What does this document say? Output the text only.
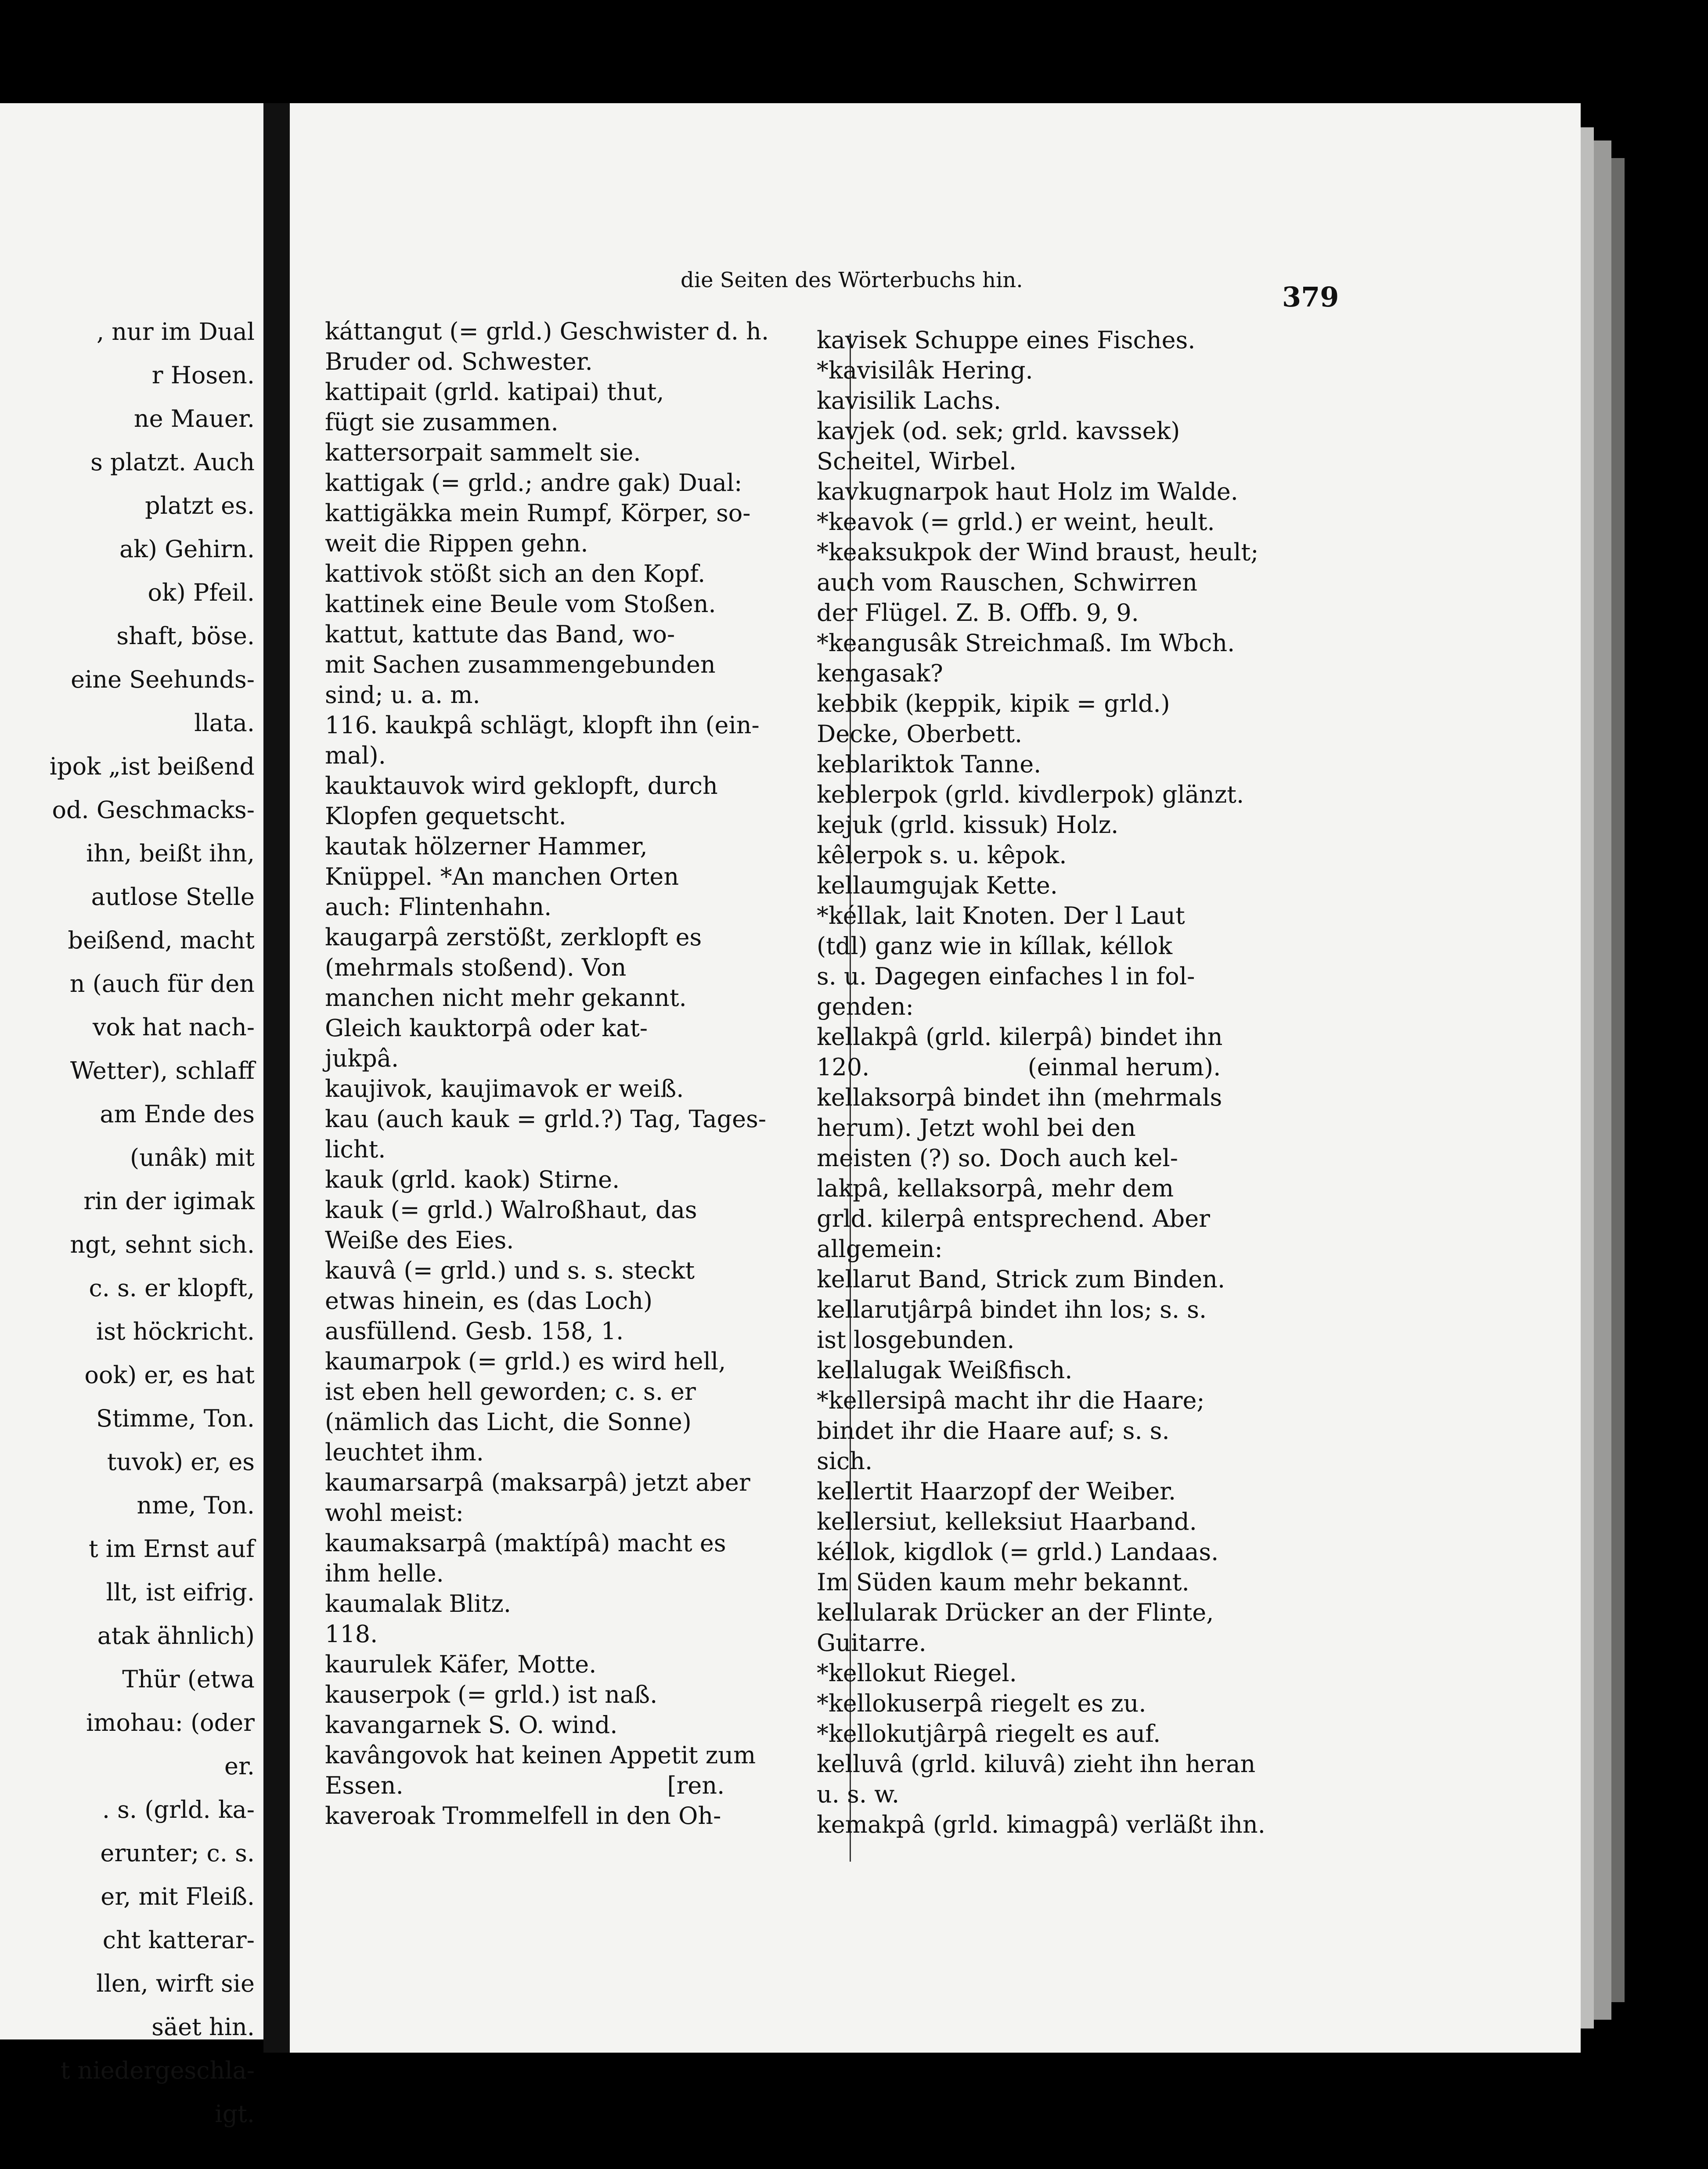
, nur im Dual

r Hosen.

ne Mauer.

s platzt. Auch

platzt es.

ak) Gehirn.

ok) Pfeil.

shaft, böse.

eine Seehunds-

llata.

ipok „ist beißend

od. Geschmacks-

ihn, beißt ihn,

autlose Stelle

beißend, macht

n (auch für den

vok hat nach-

Wetter), schlaff

am Ende des

(unâk) mit

rin der igimak

ngt, sehnt sich.

c. s. er klopft,

ist höckricht.

ook) er, es hat

Stimme, Ton.

tuvok) er, es

nme, Ton.

t im Ernst auf

llt, ist eifrig.

atak ähnlich)

Thür (etwa

imohau: (oder

er.

. s. (grld. ka-

erunter; c. s.

er, mit Fleiß.

cht katterar-

llen, wirft sie

säet hin.

t niedergeschla-

igt.

die Seiten des Wörterbuchs hin.
379

káttangut (= grld.) Geschwister d. h.

Bruder od. Schwester.

kattipait (grld. katipai) thut,

fügt sie zusammen.

kattersorpait sammelt sie.

kattigak (= grld.; andre gak) Dual:

kattigäkka mein Rumpf, Körper, so-

weit die Rippen gehn.

kattivok stößt sich an den Kopf.

kattinek eine Beule vom Stoßen.

kattut, kattute das Band, wo-

mit Sachen zusammengebunden

sind; u. a. m.

116. kaukpâ schlägt, klopft ihn (ein-

mal).

kauktauvok wird geklopft, durch

Klopfen gequetscht.

kautak hölzerner Hammer,

Knüppel. *An manchen Orten

auch: Flintenhahn.

kaugarpâ zerstößt, zerklopft es

(mehrmals stoßend). Von

manchen nicht mehr gekannt.

Gleich kauktorpâ oder kat-

jukpâ.

kaujivok, kaujimavok er weiß.

kau (auch kauk = grld.?) Tag, Tages-

licht.

kauk (grld. kaok) Stirne.

kauk (= grld.) Walroßhaut, das

Weiße des Eies.

kauvâ (= grld.) und s. s. steckt

etwas hinein, es (das Loch)

ausfüllend. Gesb. 158, 1.

kaumarpok (= grld.) es wird hell,

ist eben hell geworden; c. s. er

(nämlich das Licht, die Sonne)

leuchtet ihm.

kaumarsarpâ (maksarpâ) jetzt aber

wohl meist:

kaumaksarpâ (maktípâ) macht es

ihm helle.

kaumalak Blitz.

118.

kaurulek Käfer, Motte.

kauserpok (= grld.) ist naß.

kavangarnek S. O. wind.

kavângovok hat keinen Appetit zum

Essen.                                   [ren.

kaveroak Trommelfell in den Oh-

kavisek Schuppe eines Fisches.

*kavisilâk Hering.

kavisilik Lachs.

kavjek (od. sek; grld. kavssek)

Scheitel, Wirbel.

kavkugnarpok haut Holz im Walde.

*keavok (= grld.) er weint, heult.

*keaksukpok der Wind braust, heult;

auch vom Rauschen, Schwirren

der Flügel. Z. B. Offb. 9, 9.

*keangusâk Streichmaß. Im Wbch.

kengasak?

kebbik (keppik, kipik = grld.)

Decke, Oberbett.

keblariktok Tanne.

keblerpok (grld. kivdlerpok) glänzt.

kejuk (grld. kissuk) Holz.

kêlerpok s. u. kêpok.

kellaumgujak Kette.

*kéllak, lait Knoten. Der l Laut

(tdl) ganz wie in kíllak, kéllok

s. u. Dagegen einfaches l in fol-

genden:

kellakpâ (grld. kilerpâ) bindet ihn

120.                     (einmal herum).

kellaksorpâ bindet ihn (mehrmals

herum). Jetzt wohl bei den

meisten (?) so. Doch auch kel-

lakpâ, kellaksorpâ, mehr dem

grld. kilerpâ entsprechend. Aber

allgemein:

kellarut Band, Strick zum Binden.

kellarutjârpâ bindet ihn los; s. s.

ist losgebunden.

kellalugak Weißfisch.

*kellersipâ macht ihr die Haare;

bindet ihr die Haare auf; s. s.

sich.

kellertit Haarzopf der Weiber.

kellersiut, kelleksiut Haarband.

kéllok, kigdlok (= grld.) Landaas.

Im Süden kaum mehr bekannt.

kellularak Drücker an der Flinte,

Guitarre.

*kellokut Riegel.

*kellokuserpâ riegelt es zu.

*kellokutjârpâ riegelt es auf.

kelluvâ (grld. kiluvâ) zieht ihn heran

u. s. w.

kemakpâ (grld. kimagpâ) verläßt ihn.
